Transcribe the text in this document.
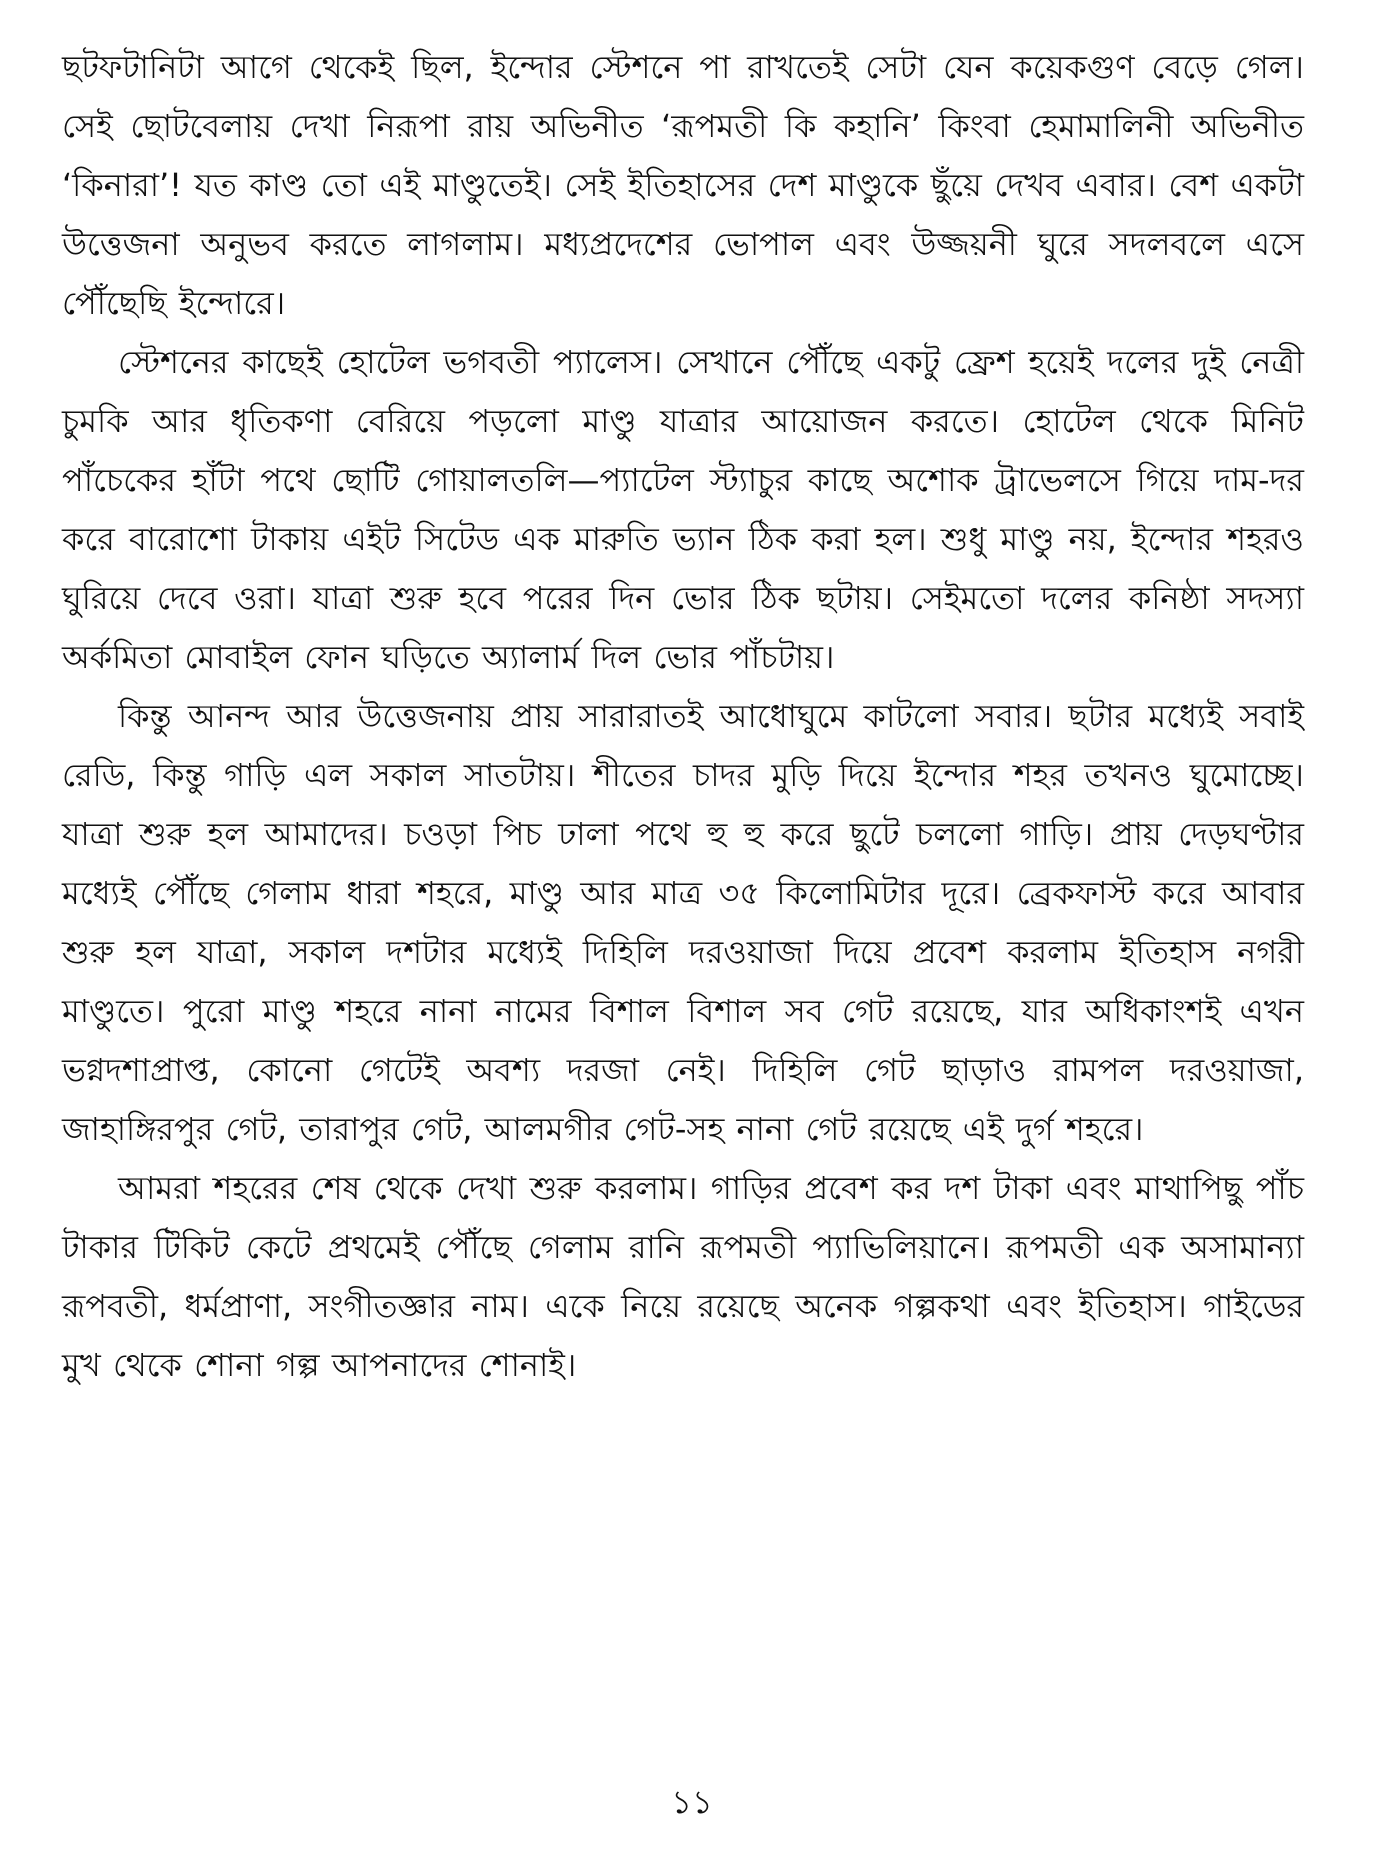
ছটফটানিটা আগে থেকেই ছিল, ইন্দোর স্টেশনে পা রাখতেই সেটা যেন কয়েকগুণ বেড়ে গেল। সেই ছোটবেলায় দেখা নিরূপা রায় অভিনীত ‘রূপমতী কি কহানি’ কিংবা হেমামালিনী অভিনীত ‘কিনারা’! যত কাণ্ড তো এই মাণ্ডুতেই। সেই ইতিহাসের দেশ মাণ্ডুকে ছুঁয়ে দেখব এবার। বেশ একটা উত্তেজনা অনুভব করতে লাগলাম। মধ্যপ্রদেশের ভোপাল এবং উজ্জয়নী ঘুরে সদলবলে এসে পৌঁছেছি ইন্দোরে।

স্টেশনের কাছেই হোটেল ভগবতী প্যালেস। সেখানে পৌঁছে একটু ফ্রেশ হয়েই দলের দুই নেত্রী চুমকি আর ধৃতিকণা বেরিয়ে পড়লো মাণ্ডু যাত্রার আয়োজন করতে। হোটেল থেকে মিনিট পাঁচেকের হাঁটা পথে ছোটি গোয়ালতলি—প্যাটেল স্ট্যাচুর কাছে অশোক ট্রাভেলসে গিয়ে দাম-দর করে বারোশো টাকায় এইট সিটেড এক মারুতি ভ্যান ঠিক করা হল। শুধু মাণ্ডু নয়, ইন্দোর শহরও ঘুরিয়ে দেবে ওরা। যাত্রা শুরু হবে পরের দিন ভোর ঠিক ছটায়। সেইমতো দলের কনিষ্ঠা সদস্যা অর্কমিতা মোবাইল ফোন ঘড়িতে অ্যালার্ম দিল ভোর পাঁচটায়।

কিন্তু আনন্দ আর উত্তেজনায় প্রায় সারারাতই আধোঘুমে কাটলো সবার। ছটার মধ্যেই সবাই রেডি, কিন্তু গাড়ি এল সকাল সাতটায়। শীতের চাদর মুড়ি দিয়ে ইন্দোর শহর তখনও ঘুমোচ্ছে। যাত্রা শুরু হল আমাদের। চওড়া পিচ ঢালা পথে হু হু করে ছুটে চললো গাড়ি। প্রায় দেড়ঘণ্টার মধ্যেই পৌঁছে গেলাম ধারা শহরে, মাণ্ডু আর মাত্র ৩৫ কিলোমিটার দূরে। ব্রেকফাস্ট করে আবার শুরু হল যাত্রা, সকাল দশটার মধ্যেই দিহিলি দরওয়াজা দিয়ে প্রবেশ করলাম ইতিহাস নগরী মাণ্ডুতে। পুরো মাণ্ডু শহরে নানা নামের বিশাল বিশাল সব গেট রয়েছে, যার অধিকাংশই এখন ভগ্নদশাপ্রাপ্ত, কোনো গেটেই অবশ্য দরজা নেই। দিহিলি গেট ছাড়াও রামপল দরওয়াজা, জাহাঙ্গিরপুর গেট, তারাপুর গেট, আলমগীর গেট-সহ নানা গেট রয়েছে এই দুর্গ শহরে।

আমরা শহরের শেষ থেকে দেখা শুরু করলাম। গাড়ির প্রবেশ কর দশ টাকা এবং মাথাপিছু পাঁচ টাকার টিকিট কেটে প্রথমেই পৌঁছে গেলাম রানি রূপমতী প্যাভিলিয়ানে। রূপমতী এক অসামান্যা রূপবতী, ধর্মপ্রাণা, সংগীতজ্ঞার নাম। একে নিয়ে রয়েছে অনেক গল্পকথা এবং ইতিহাস। গাইডের মুখ থেকে শোনা গল্প আপনাদের শোনাই।

১১
